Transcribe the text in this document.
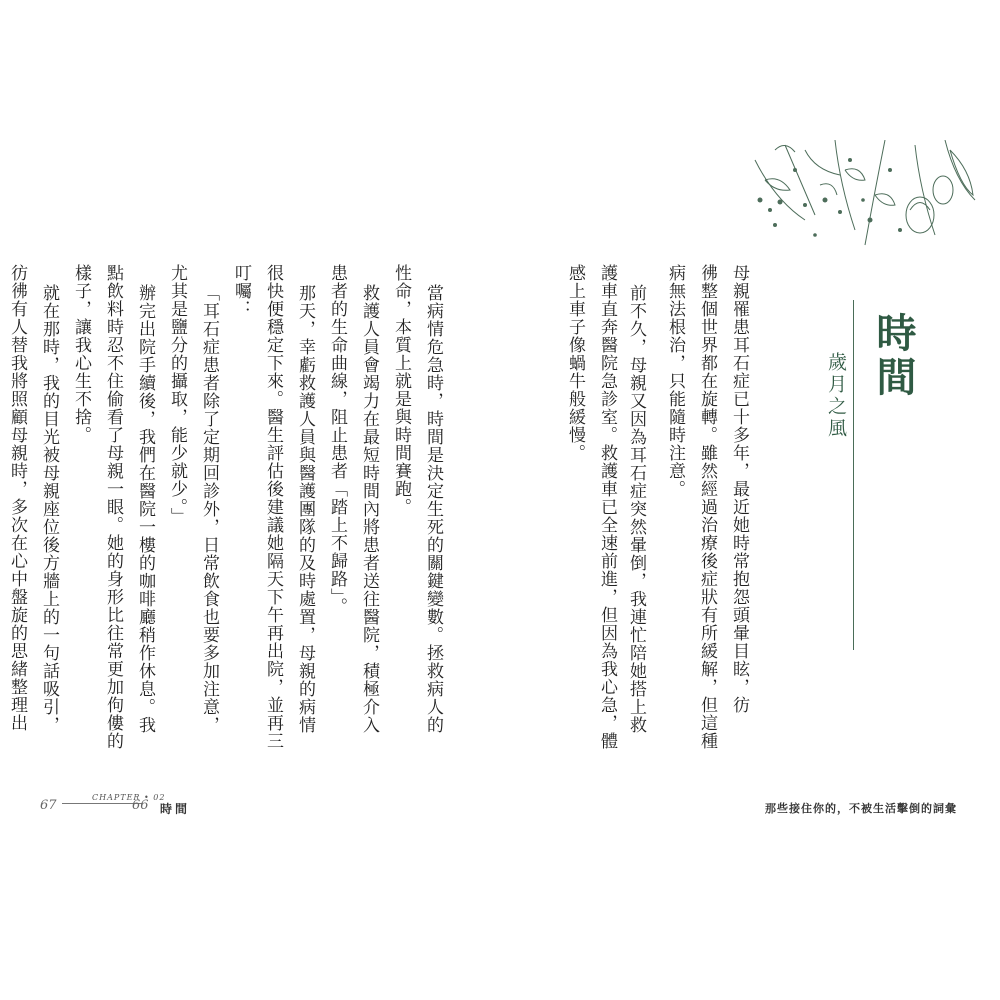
時間
歲月之風
母親罹患耳石症已十多年，最近她時常抱怨頭暈目眩，彷
彿整個世界都在旋轉。雖然經過治療後症狀有所緩解，但這種
病無法根治，只能隨時注意。
前不久，母親又因為耳石症突然暈倒，我連忙陪她搭上救
護車直奔醫院急診室。救護車已全速前進，但因為我心急，體
感上車子像蝸牛般緩慢。
當病情危急時，時間是決定生死的關鍵變數。拯救病人的
性命，本質上就是與時間賽跑。
救護人員會竭力在最短時間內將患者送往醫院，積極介入
患者的生命曲線，阻止患者「踏上不歸路」。
那天，幸虧救護人員與醫護團隊的及時處置，母親的病情
很快便穩定下來。醫生評估後建議她隔天下午再出院，並再三
叮囑：
「耳石症患者除了定期回診外，日常飲食也要多加注意，
尤其是鹽分的攝取，能少就少。」
辦完出院手續後，我們在醫院一樓的咖啡廳稍作休息。我
點飲料時忍不住偷看了母親一眼。她的身形比往常更加佝僂的
樣子，讓我心生不捨。
就在那時，我的目光被母親座位後方牆上的一句話吸引，
彷彿有人替我將照顧母親時，多次在心中盤旋的思緒整理出
67
CHAPTER • 02
66 時間	那些接住你的，不被生活擊倒的詞彙
